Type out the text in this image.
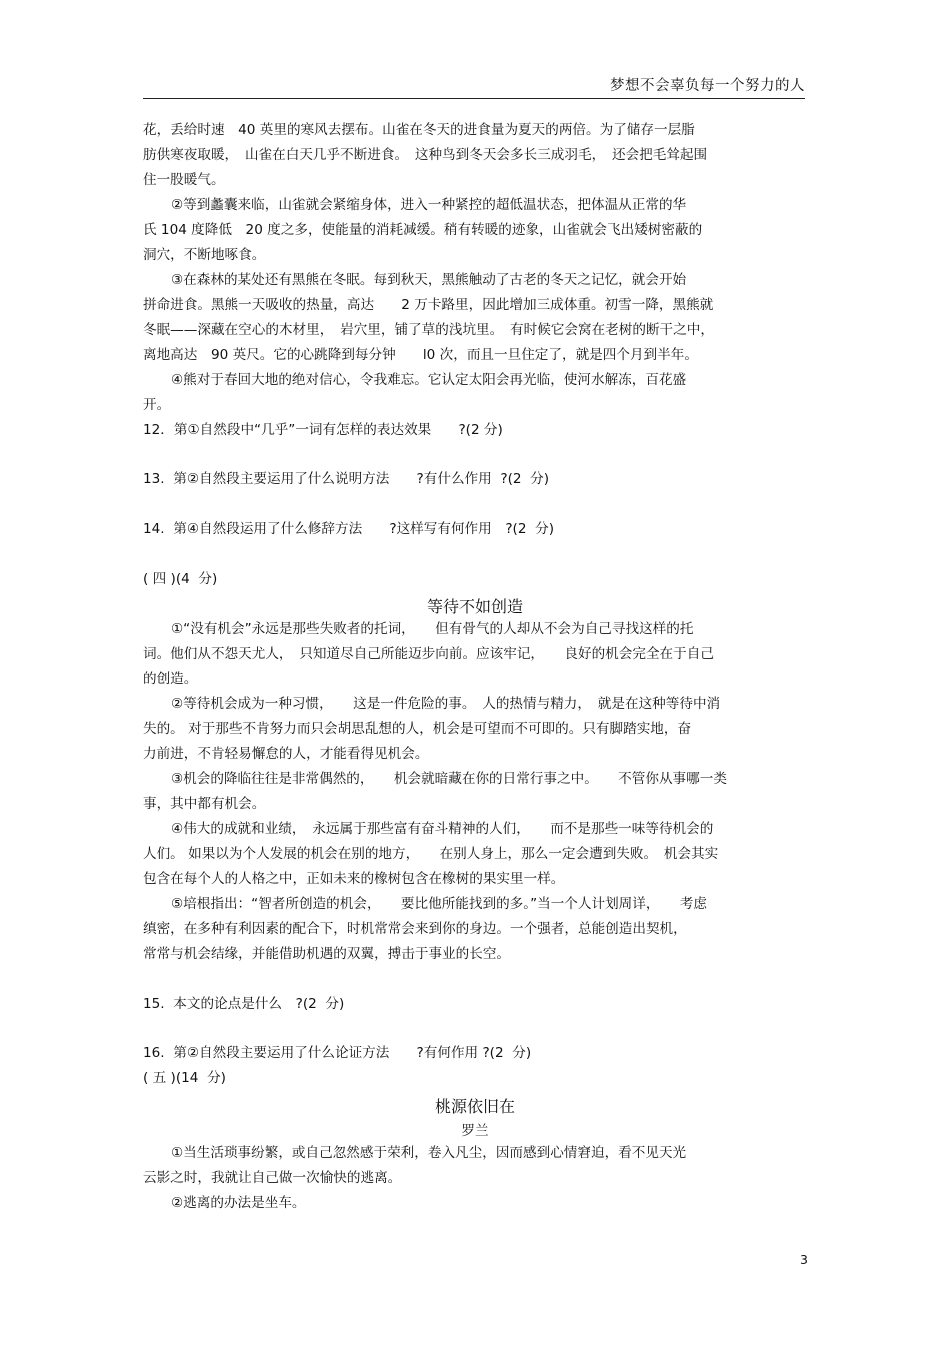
梦想不会辜负每一个努力的人
花，丢给时速　40 英里的寒风去摆布。山雀在冬天的进食量为夏天的两倍。为了储存一层脂
肪供寒夜取暖，　山雀在白天几乎不断进食。　这种鸟到冬天会多长三成羽毛，　还会把毛耸起围
住一股暖气。
②等到蠡囊来临，山雀就会紧缩身体，进入一种紧控的超低温状态，把体温从正常的华
氏 104 度降低　20 度之多，使能量的消耗减缓。稍有转暖的迹象，山雀就会飞出矮树密蔽的
洞穴，不断地啄食。
③在森林的某处还有黑熊在冬眠。每到秋天，黑熊触动了古老的冬天之记忆，就会开始
拼命进食。黑熊一天吸收的热量，高达　　2 万卡路里，因此增加三成体重。初雪一降，黑熊就
冬眠——深藏在空心的木材里，　岩穴里，铺了草的浅坑里。　有时候它会窝在老树的断干之中，
离地高达　90 英尺。它的心跳降到每分钟　　l0 次，而且一旦住定了，就是四个月到半年。
④熊对于春回大地的绝对信心，令我难忘。它认定太阳会再光临，使河水解冻，百花盛
开。
12．第①自然段中“几乎”一词有怎样的表达效果　　?(2 分)
13.  第②自然段主要运用了什么说明方法　　?有什么作用  ?(2  分)
14.  第④自然段运用了什么修辞方法　　?这样写有何作用　?(2  分)
( 四 )(4  分)
等待不如创造
①“没有机会”永远是那些失败者的托词，　　但有骨气的人却从不会为自己寻找这样的托
词。他们从不怨天尤人，　只知道尽自己所能迈步向前。应该牢记，　　良好的机会完全在于自己
的创造。
②等待机会成为一种习惯，　　这是一件危险的事。　人的热情与精力，　就是在这种等待中消
失的。 对于那些不肯努力而只会胡思乱想的人，机会是可望而不可即的。只有脚踏实地，奋
力前进，不肯轻易懈怠的人，才能看得见机会。
③机会的降临往往是非常偶然的，　　机会就暗藏在你的日常行事之中。　　不管你从事哪一类
事，其中都有机会。
④伟大的成就和业绩，　永远属于那些富有奋斗精神的人们，　　而不是那些一味等待机会的
人们。 如果以为个人发展的机会在别的地方，　　在别人身上，那么一定会遭到失败。　机会其实
包含在每个人的人格之中，正如未来的橡树包含在橡树的果实里一样。
⑤培根指出：“智者所创造的机会，　　要比他所能找到的多。”当一个人计划周详，　　考虑
缜密，在多种有利因素的配合下，时机常常会来到你的身边。一个强者，总能创造出契机，
常常与机会结缘，并能借助机遇的双翼，搏击于事业的长空。
15.  本文的论点是什么　?(2  分)
16.  第②自然段主要运用了什么论证方法　　?有何作用 ?(2  分)
( 五 )(14  分)
桃源依旧在
罗兰
①当生活琐事纷繁，或自己忽然感于荣利，卷入凡尘，因而感到心情窘迫，看不见天光
云影之时，我就让自己做一次愉快的逃离。
②逃离的办法是坐车。
3
